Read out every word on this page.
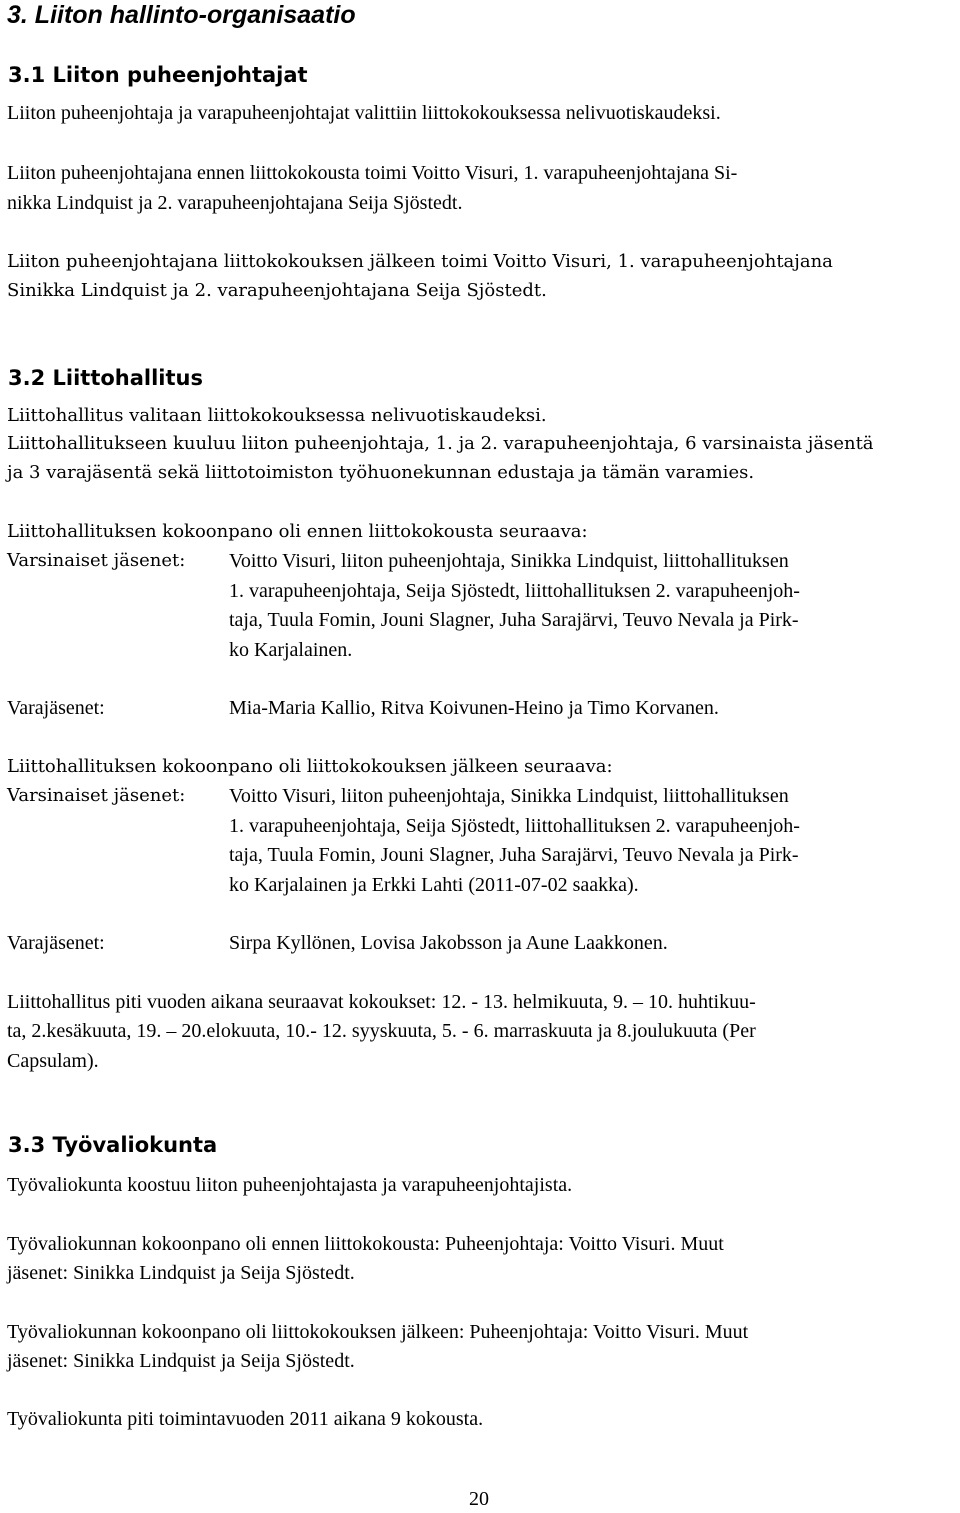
3. Liiton hallinto-organisaatio
3.1 Liiton puheenjohtajat
Liiton puheenjohtaja ja varapuheenjohtajat valittiin liittokokouksessa nelivuotiskaudeksi.
Liiton puheenjohtajana ennen liittokokousta toimi Voitto Visuri, 1. varapuheenjohtajana Si-
nikka Lindquist ja 2. varapuheenjohtajana Seija Sjöstedt.
Liiton puheenjohtajana liittokokouksen jälkeen toimi Voitto Visuri, 1. varapuheenjohtajana
Sinikka Lindquist ja 2. varapuheenjohtajana Seija Sjöstedt.
3.2 Liittohallitus
Liittohallitus valitaan liittokokouksessa nelivuotiskaudeksi.
Liittohallitukseen kuuluu liiton puheenjohtaja, 1. ja 2. varapuheenjohtaja, 6 varsinaista jäsentä
ja 3 varajäsentä sekä liittotoimiston työhuonekunnan edustaja ja tämän varamies.
Liittohallituksen kokoonpano oli ennen liittokokousta seuraava:
Varsinaiset jäsenet: Voitto Visuri, liiton puheenjohtaja, Sinikka Lindquist, liittohallituksen
1. varapuheenjohtaja, Seija Sjöstedt, liittohallituksen 2. varapuheenjoh-
taja, Tuula Fomin, Jouni Slagner, Juha Sarajärvi, Teuvo Nevala ja Pirk-
ko Karjalainen.
Varajäsenet:	Mia-Maria Kallio, Ritva Koivunen-Heino ja Timo Korvanen.
Liittohallituksen kokoonpano oli liittokokouksen jälkeen seuraava:
Varsinaiset jäsenet: Voitto Visuri, liiton puheenjohtaja, Sinikka Lindquist, liittohallituksen
1. varapuheenjohtaja, Seija Sjöstedt, liittohallituksen 2. varapuheenjoh-
taja, Tuula Fomin, Jouni Slagner, Juha Sarajärvi, Teuvo Nevala ja Pirk-
ko Karjalainen ja Erkki Lahti (2011-07-02 saakka).
Varajäsenet:	Sirpa Kyllönen, Lovisa Jakobsson ja Aune Laakkonen.
Liittohallitus piti vuoden aikana seuraavat kokoukset: 12. - 13. helmikuuta, 9. – 10. huhtikuu-
ta, 2.kesäkuuta, 19. – 20.elokuuta, 10.- 12. syyskuuta, 5. - 6. marraskuuta ja 8.joulukuuta (Per
Capsulam).
3.3 Työvaliokunta
Työvaliokunta koostuu liiton puheenjohtajasta ja varapuheenjohtajista.
Työvaliokunnan kokoonpano oli ennen liittokokousta: Puheenjohtaja: Voitto Visuri. Muut
jäsenet: Sinikka Lindquist ja Seija Sjöstedt.
Työvaliokunnan kokoonpano oli liittokokouksen jälkeen: Puheenjohtaja: Voitto Visuri. Muut
jäsenet: Sinikka Lindquist ja Seija Sjöstedt.
Työvaliokunta piti toimintavuoden 2011 aikana 9 kokousta.
20
